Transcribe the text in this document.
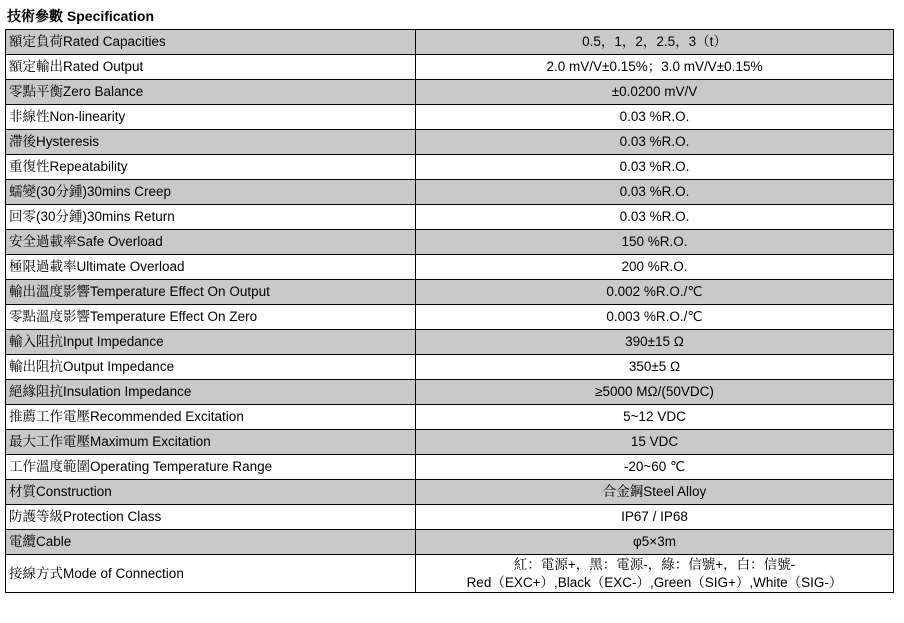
技術參數 Specification
額定負荷Rated Capacities	0.5，1，2，2.5，3（t）
額定輸出Rated Output	2.0 mV/V±0.15%；3.0 mV/V±0.15%
零點平衡Zero Balance	±0.0200 mV/V
非線性Non-linearity	0.03 %R.O.
滯後Hysteresis	0.03 %R.O.
重復性Repeatability	0.03 %R.O.
蠕變(30分鍾)30mins Creep	0.03 %R.O.
回零(30分鍾)30mins Return	0.03 %R.O.
安全過載率Safe Overload	150 %R.O.
極限過載率Ultimate Overload	200 %R.O.
輸出溫度影響Temperature Effect On Output	0.002 %R.O./℃
零點溫度影響Temperature Effect On Zero	0.003 %R.O./℃
輸入阻抗Input Impedance	390±15 Ω
輸出阻抗Output Impedance	350±5 Ω
絕緣阻抗Insulation Impedance	≥5000 MΩ/(50VDC)
推薦工作電壓Recommended Excitation	5~12 VDC
最大工作電壓Maximum Excitation	15 VDC
工作溫度範圍Operating Temperature Range	-20~60 ℃
材質Construction	合金鋼Steel Alloy
防護等級Protection Class	IP67 / IP68
電纜Cable	φ5×3m
接線方式Mode of Connection	紅：電源+，黑：電源-，綠：信號+，白：信號-
Red（EXC+）,Black（EXC-）,Green（SIG+）,White（SIG-）
